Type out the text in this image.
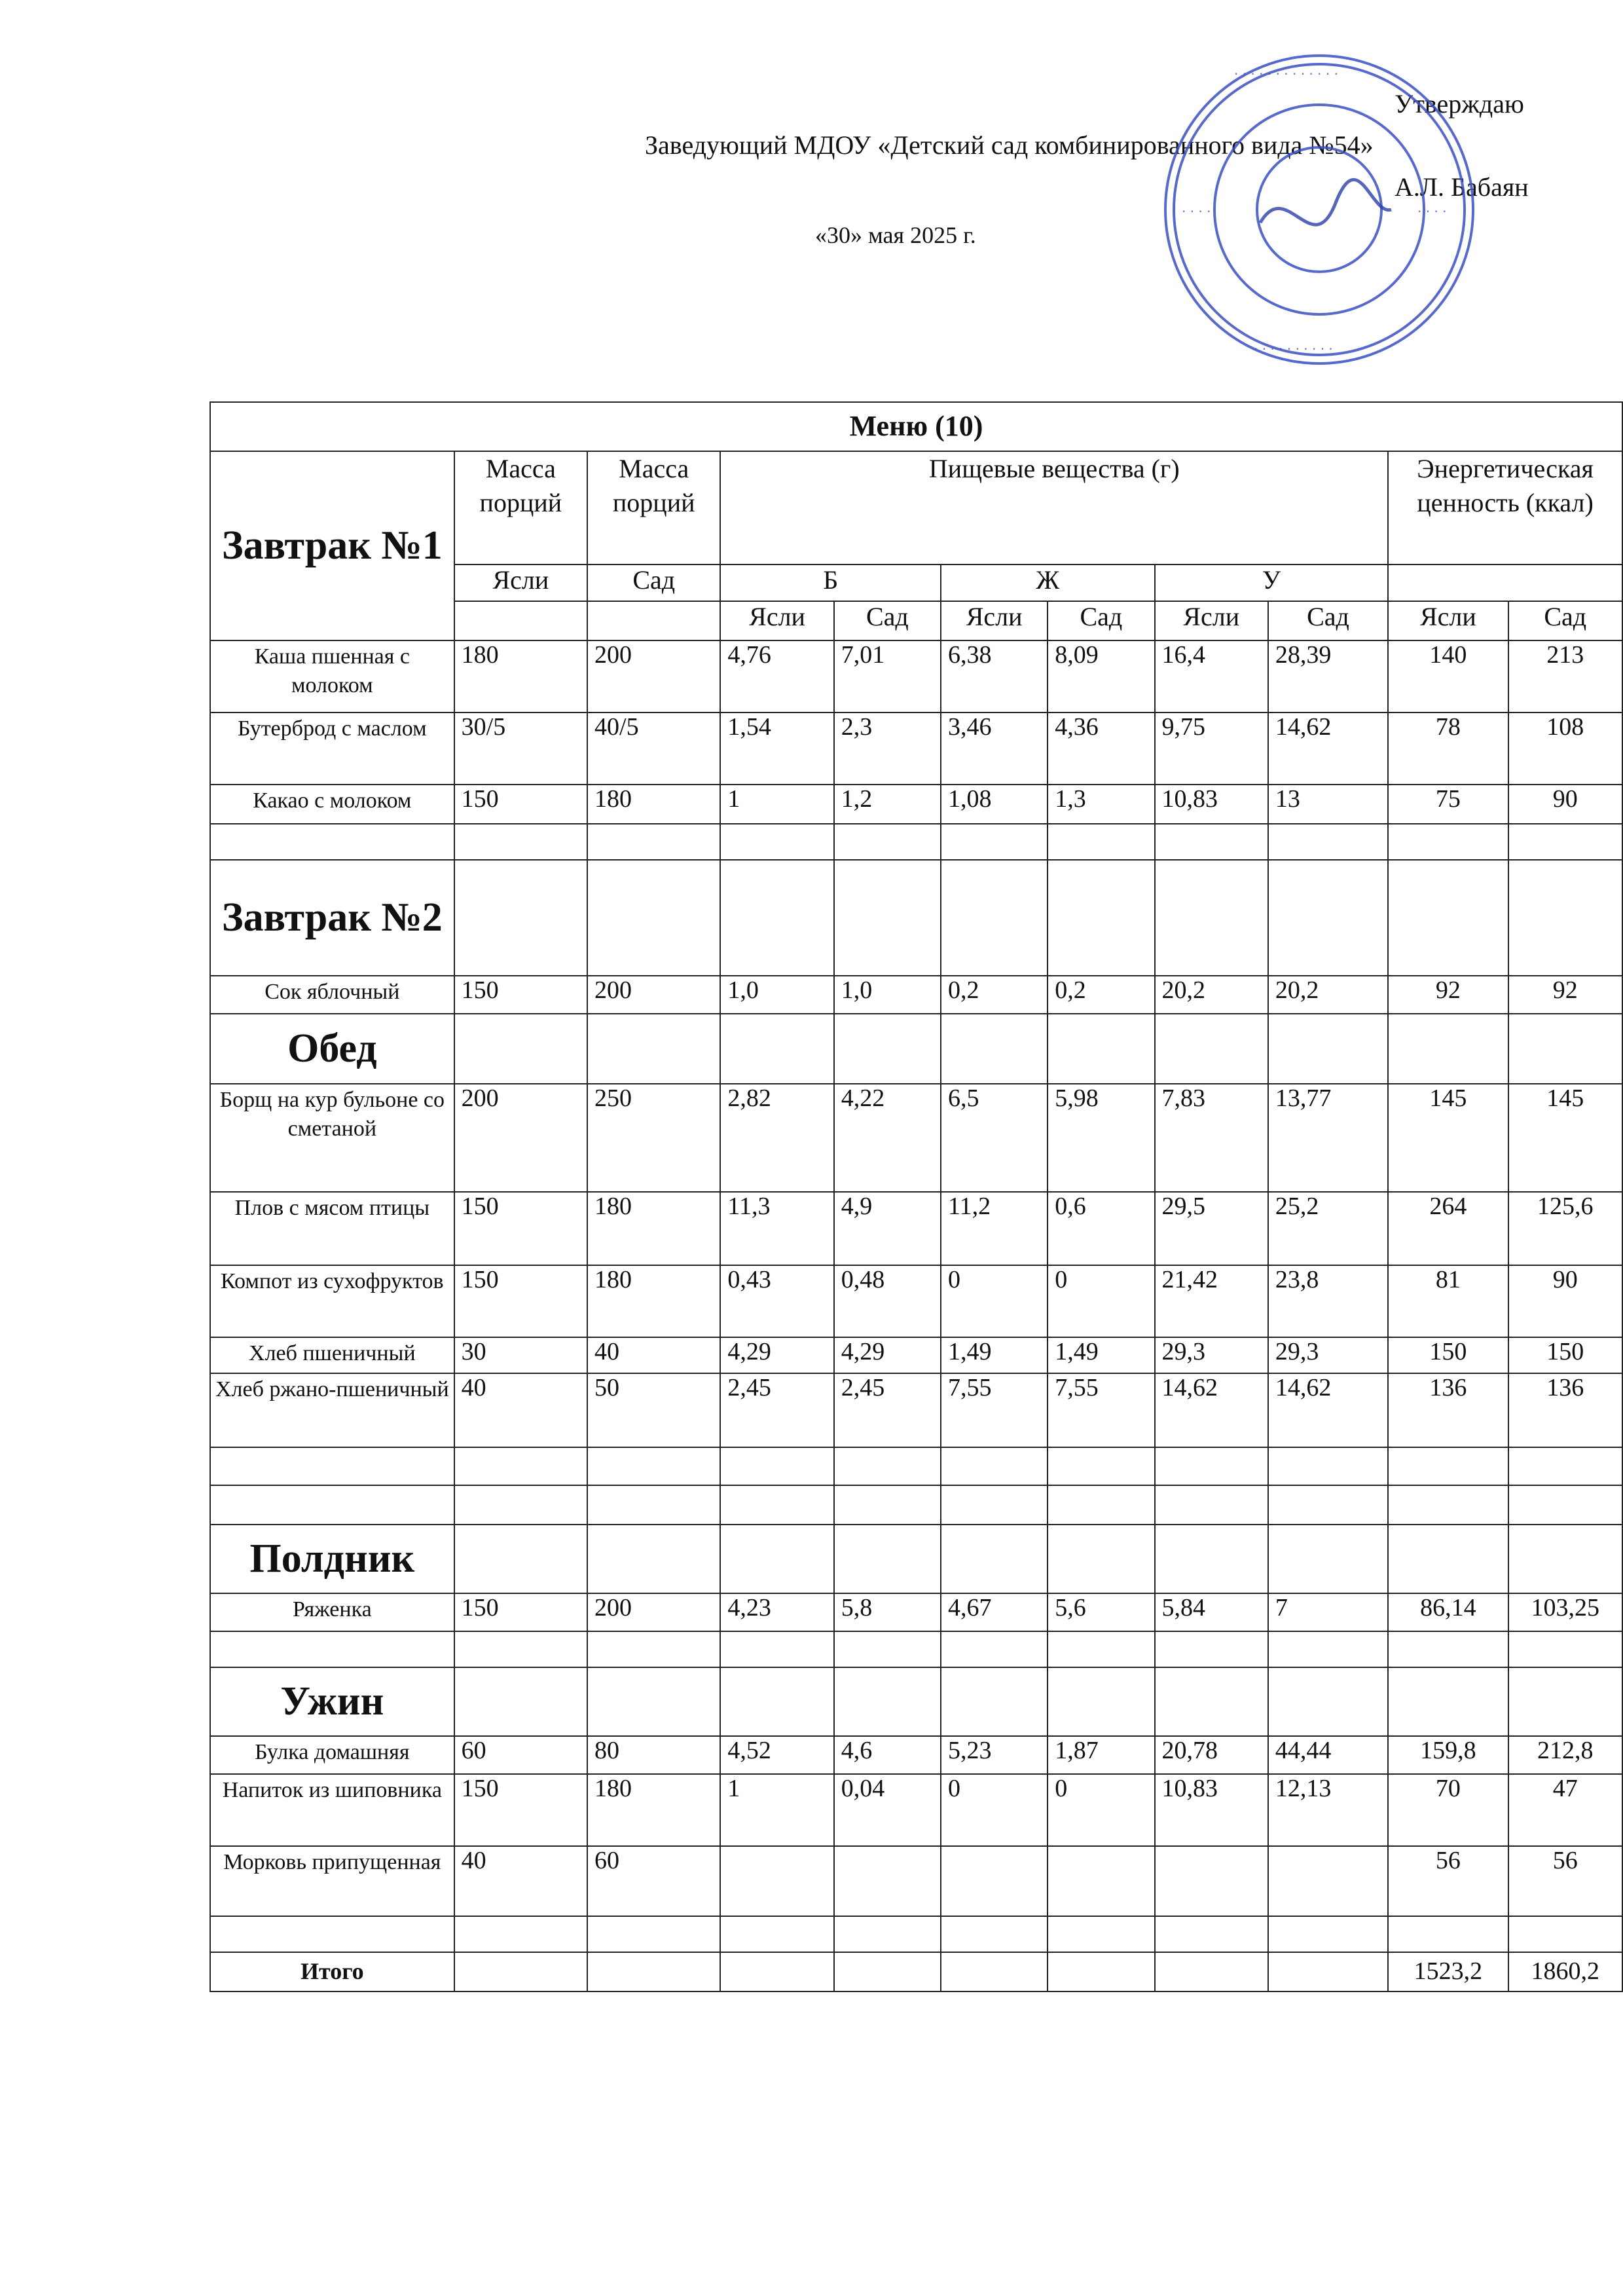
Утверждаю
Заведующий МДОУ «Детский сад комбинированного вида №54»
А.Л. Бабаян
«30» мая 2025 г.
· · · · · · · · · · · · ·
· · · ·	· · · ·
· · · · · · · · · ·
Меню (10)										
Завтрак №1	Масса порций	Масса порций	Пищевые вещества (г)						Энергетическая ценность (ккал)	
	Ясли	Сад	Б		Ж		У			
			Ясли	Сад	Ясли	Сад	Ясли	Сад	Ясли	Сад
Каша пшенная с молоком	180	200	4,76	7,01	6,38	8,09	16,4	28,39	140	213
Бутерброд с маслом	30/5	40/5	1,54	2,3	3,46	4,36	9,75	14,62	78	108
Какао с молоком	150	180	1	1,2	1,08	1,3	10,83	13	75	90

Завтрак №2										
Сок яблочный	150	200	1,0	1,0	0,2	0,2	20,2	20,2	92	92
Обед										
Борщ на кур бульоне со сметаной	200	250	2,82	4,22	6,5	5,98	7,83	13,77	145	145
Плов с мясом птицы	150	180	11,3	4,9	11,2	0,6	29,5	25,2	264	125,6
Компот из сухофруктов	150	180	0,43	0,48	0	0	21,42	23,8	81	90
Хлеб пшеничный	30	40	4,29	4,29	1,49	1,49	29,3	29,3	150	150
Хлеб ржано-пшеничный	40	50	2,45	2,45	7,55	7,55	14,62	14,62	136	136

Полдник										
Ряженка	150	200	4,23	5,8	4,67	5,6	5,84	7	86,14	103,25

Ужин										
Булка домашняя	60	80	4,52	4,6	5,23	1,87	20,78	44,44	159,8	212,8
Напиток из шиповника	150	180	1	0,04	0	0	10,83	12,13	70	47
Морковь припущенная	40	60							56	56

Итого									1523,2	1860,2
